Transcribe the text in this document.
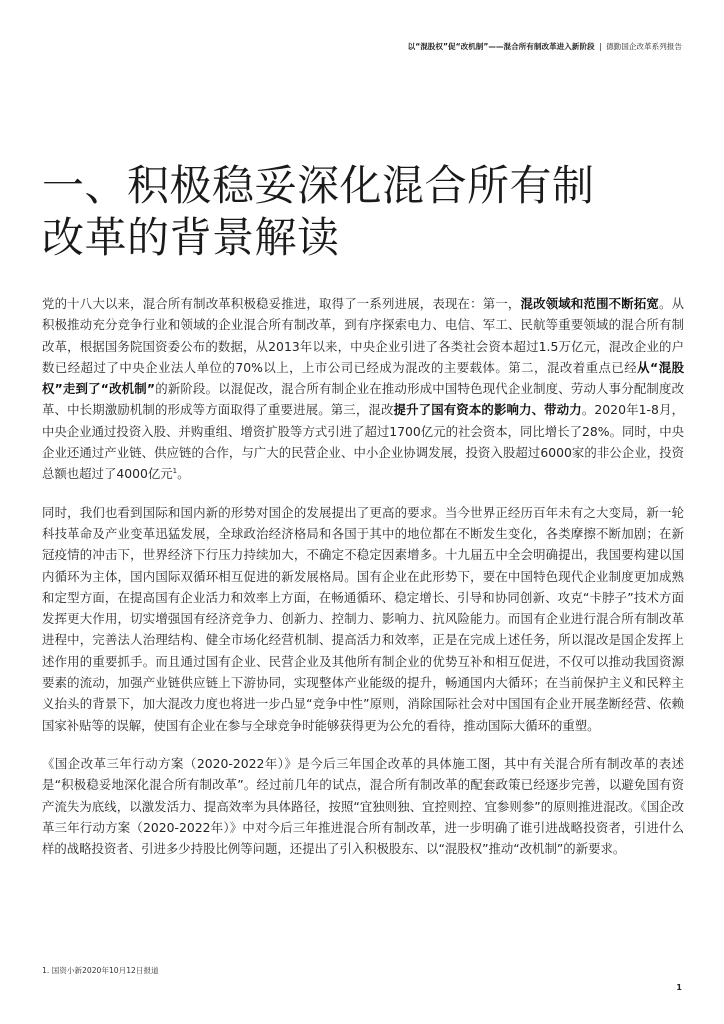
以“混股权”促“改机制”——混合所有制改革进入新阶段 | 德勤国企改革系列报告
一、积极稳妥深化混合所有制
改革的背景解读

党的十八大以来，混合所有制改革积极稳妥推进，取得了一系列进展，表现在：第一，混改领域和范围不断拓宽。从积极推动充分竞争行业和领域的企业混合所有制改革，到有序探索电力、电信、军工、民航等重要领域的混合所有制改革，根据国务院国资委公布的数据，从2013年以来，中央企业引进了各类社会资本超过1.5万亿元，混改企业的户数已经超过了中央企业法人单位的70%以上，上市公司已经成为混改的主要载体。第二，混改着重点已经从“混股权”走到了“改机制”的新阶段。以混促改，混合所有制企业在推动形成中国特色现代企业制度、劳动人事分配制度改革、中长期激励机制的形成等方面取得了重要进展。第三，混改提升了国有资本的影响力、带动力。2020年1-8月，中央企业通过投资入股、并购重组、增资扩股等方式引进了超过1700亿元的社会资本，同比增长了28%。同时，中央企业还通过产业链、供应链的合作，与广大的民营企业、中小企业协调发展，投资入股超过6000家的非公企业，投资总额也超过了4000亿元$^1$。

同时，我们也看到国际和国内新的形势对国企的发展提出了更高的要求。当今世界正经历百年未有之大变局，新一轮科技革命及产业变革迅猛发展，全球政治经济格局和各国于其中的地位都在不断发生变化，各类摩擦不断加剧；在新冠疫情的冲击下，世界经济下行压力持续加大，不确定不稳定因素增多。十九届五中全会明确提出，我国要构建以国内循环为主体，国内国际双循环相互促进的新发展格局。国有企业在此形势下，要在中国特色现代企业制度更加成熟和定型方面，在提高国有企业活力和效率上方面，在畅通循环、稳定增长、引导和协同创新、攻克“卡脖子”技术方面发挥更大作用，切实增强国有经济竞争力、创新力、控制力、影响力、抗风险能力。而国有企业进行混合所有制改革进程中，完善法人治理结构、健全市场化经营机制、提高活力和效率，正是在完成上述任务，所以混改是国企发挥上述作用的重要抓手。而且通过国有企业、民营企业及其他所有制企业的优势互补和相互促进，不仅可以推动我国资源要素的流动，加强产业链供应链上下游协同，实现整体产业能级的提升，畅通国内大循环；在当前保护主义和民粹主义抬头的背景下，加大混改力度也将进一步凸显“竞争中性”原则，消除国际社会对中国国有企业开展垄断经营、依赖国家补贴等的误解，使国有企业在参与全球竞争时能够获得更为公允的看待，推动国际大循环的重塑。

《国企改革三年行动方案（2020-2022年）》是今后三年国企改革的具体施工图，其中有关混合所有制改革的表述是“积极稳妥地深化混合所有制改革”。经过前几年的试点，混合所有制改革的配套政策已经逐步完善，以避免国有资产流失为底线，以激发活力、提高效率为具体路径，按照“宜独则独、宜控则控、宜参则参”的原则推进混改。《国企改革三年行动方案（2020-2022年）》中对今后三年推进混合所有制改革，进一步明确了谁引进战略投资者，引进什么样的战略投资者、引进多少持股比例等问题，还提出了引入积极股东、以“混股权”推动“改机制”的新要求。

1. 国资小新2020年10月12日报道
1
